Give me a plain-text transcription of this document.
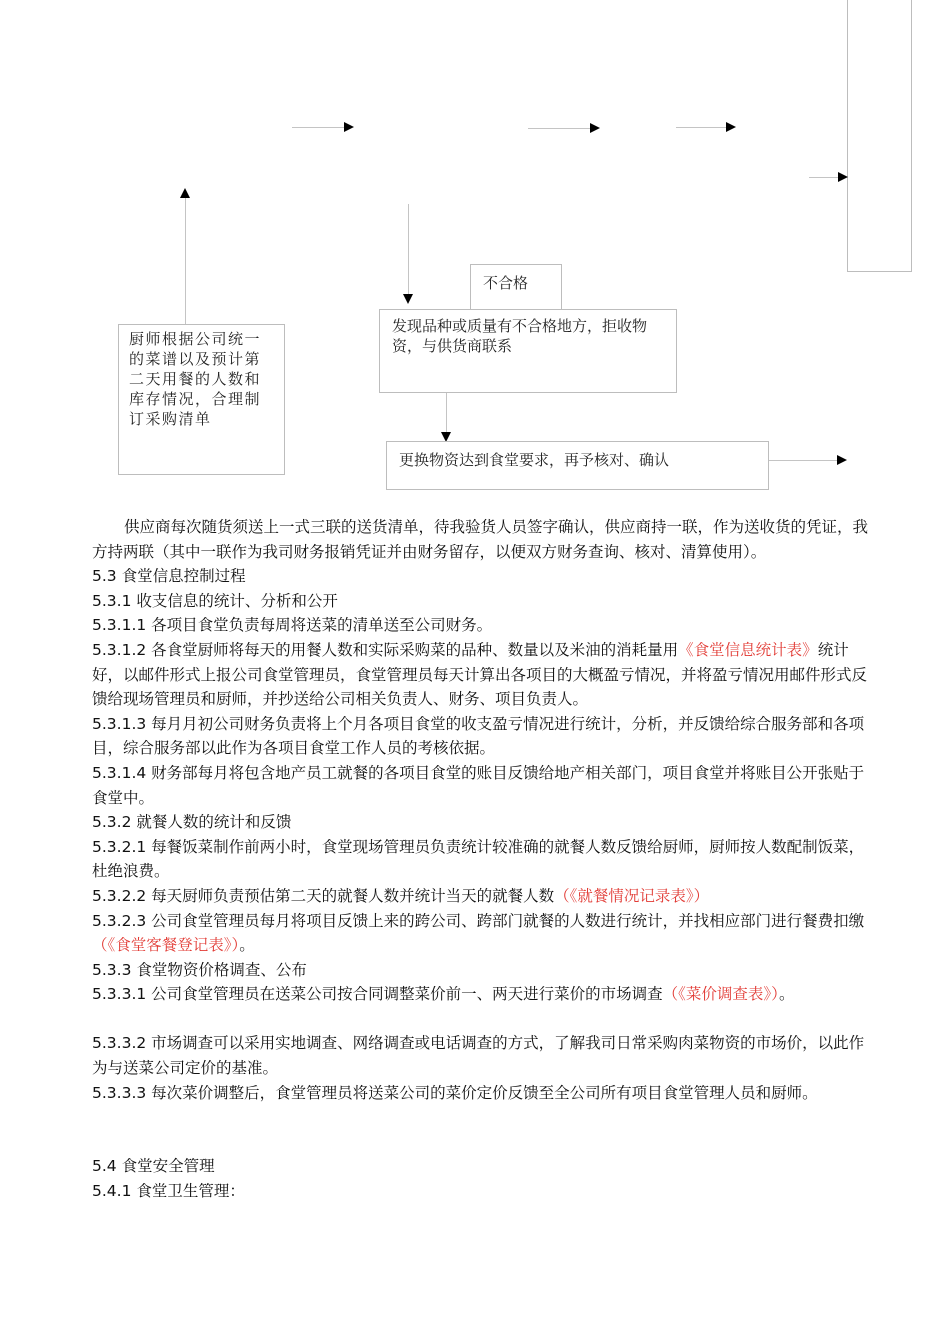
厨师根据公司统一的菜谱以及预计第二天用餐的人数和库存情况，合理制订采购清单
不合格
发现品种或质量有不合格地方，拒收物资，与供货商联系
更换物资达到食堂要求，再予核对、确认

供应商每次随货须送上一式三联的送货清单，待我验货人员签字确认，供应商持一联，作为送收货的凭证，我方持两联（其中一联作为我司财务报销凭证并由财务留存，以便双方财务查询、核对、清算使用）。

5.3 食堂信息控制过程

5.3.1 收支信息的统计、分析和公开

5.3.1.1 各项目食堂负责每周将送菜的清单送至公司财务。

5.3.1.2 各食堂厨师将每天的用餐人数和实际采购菜的品种、数量以及米油的消耗量用《食堂信息统计表》统计好，以邮件形式上报公司食堂管理员，食堂管理员每天计算出各项目的大概盈亏情况，并将盈亏情况用邮件形式反馈给现场管理员和厨师，并抄送给公司相关负责人、财务、项目负责人。

5.3.1.3 每月月初公司财务负责将上个月各项目食堂的收支盈亏情况进行统计，分析，并反馈给综合服务部和各项目，综合服务部以此作为各项目食堂工作人员的考核依据。

5.3.1.4 财务部每月将包含地产员工就餐的各项目食堂的账目反馈给地产相关部门，项目食堂并将账目公开张贴于食堂中。

5.3.2 就餐人数的统计和反馈

5.3.2.1 每餐饭菜制作前两小时，食堂现场管理员负责统计较准确的就餐人数反馈给厨师，厨师按人数配制饭菜，杜绝浪费。

5.3.2.2 每天厨师负责预估第二天的就餐人数并统计当天的就餐人数（《就餐情况记录表》）

5.3.2.3 公司食堂管理员每月将项目反馈上来的跨公司、跨部门就餐的人数进行统计，并找相应部门进行餐费扣缴（《食堂客餐登记表》）。

5.3.3 食堂物资价格调查、公布

5.3.3.1 公司食堂管理员在送菜公司按合同调整菜价前一、两天进行菜价的市场调查（《菜价调查表》）。

5.3.3.2 市场调查可以采用实地调查、网络调查或电话调查的方式，了解我司日常采购肉菜物资的市场价，以此作为与送菜公司定价的基准。

5.3.3.3 每次菜价调整后，食堂管理员将送菜公司的菜价定价反馈至全公司所有项目食堂管理人员和厨师。

5.4 食堂安全管理

5.4.1 食堂卫生管理：
